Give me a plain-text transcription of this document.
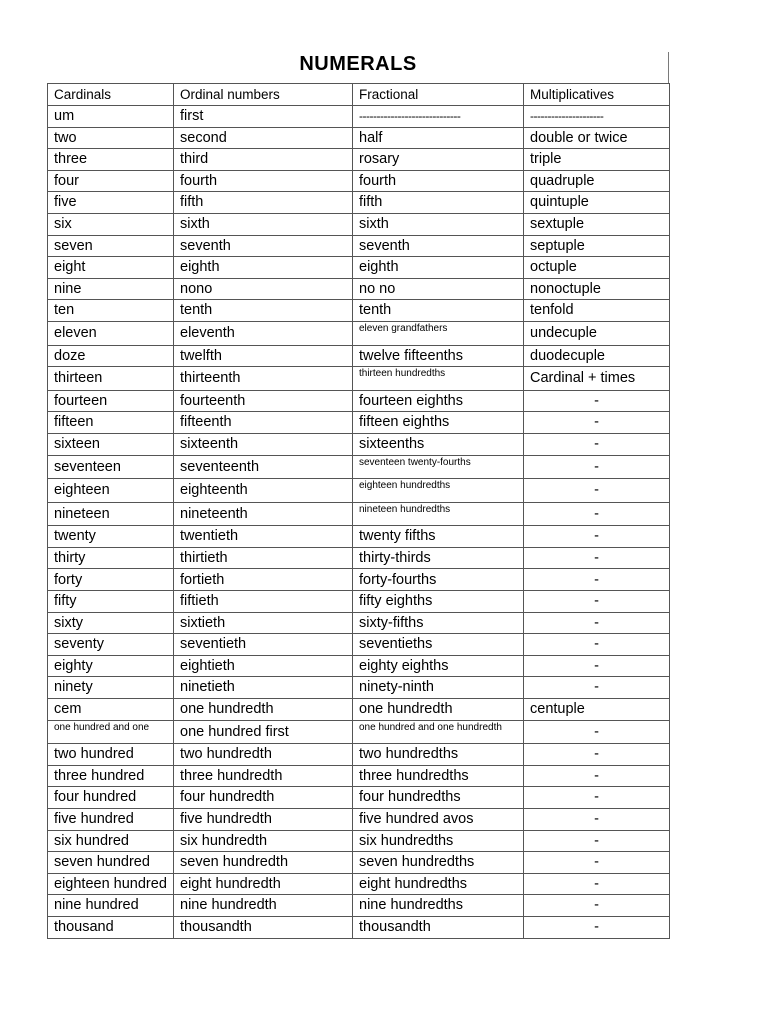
NUMERALS
Cardinals	Ordinal numbers	Fractional	Multiplicatives
um	first	-----------------------------	---------------------
two	second	half	double or twice
three	third	rosary	triple
four	fourth	fourth	quadruple
five	fifth	fifth	quintuple
six	sixth	sixth	sextuple
seven	seventh	seventh	septuple
eight	eighth	eighth	octuple
nine	nono	no no	nonoctuple
ten	tenth	tenth	tenfold
eleven	eleventh	eleven grandfathers	undecuple
doze	twelfth	twelve fifteenths	duodecuple
thirteen	thirteenth	thirteen hundredths	Cardinal + times
fourteen	fourteenth	fourteen eighths	-
fifteen	fifteenth	fifteen eighths	-
sixteen	sixteenth	sixteenths	-
seventeen	seventeenth	seventeen twenty-fourths	-
eighteen	eighteenth	eighteen hundredths	-
nineteen	nineteenth	nineteen hundredths	-
twenty	twentieth	twenty fifths	-
thirty	thirtieth	thirty-thirds	-
forty	fortieth	forty-fourths	-
fifty	fiftieth	fifty eighths	-
sixty	sixtieth	sixty-fifths	-
seventy	seventieth	seventieths	-
eighty	eightieth	eighty eighths	-
ninety	ninetieth	ninety-ninth	-
cem	one hundredth	one hundredth	centuple
one hundred and one	one hundred first	one hundred and one hundredth	-
two hundred	two hundredth	two hundredths	-
three hundred	three hundredth	three hundredths	-
four hundred	four hundredth	four hundredths	-
five hundred	five hundredth	five hundred avos	-
six hundred	six hundredth	six hundredths	-
seven hundred	seven hundredth	seven hundredths	-
eighteen hundred	eight hundredth	eight hundredths	-
nine hundred	nine hundredth	nine hundredths	-
thousand	thousandth	thousandth	-
